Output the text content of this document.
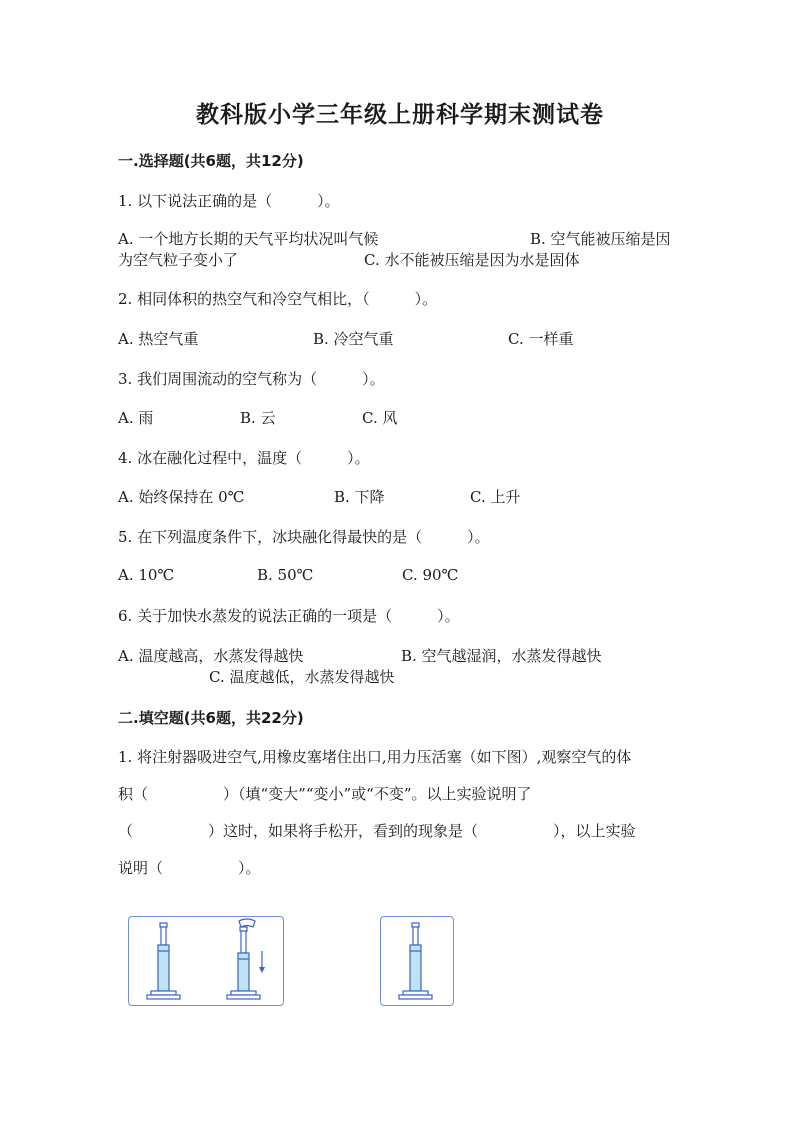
教科版小学三年级上册科学期末测试卷
一.选择题(共6题，共12分)
1. 以下说法正确的是（　　　）。
A. 一个地方长期的天气平均状况叫气候	B. 空气能被压缩是因
为空气粒子变小了	C. 水不能被压缩是因为水是固体
2. 相同体积的热空气和冷空气相比，（　　　）。
A. 热空气重	B. 冷空气重	C. 一样重
3. 我们周围流动的空气称为（　　　）。
A. 雨	B. 云	C. 风
4. 冰在融化过程中，温度（　　　）。
A. 始终保持在 0℃	B. 下降	C. 上升
5. 在下列温度条件下，冰块融化得最快的是（　　　）。
A. 10℃	B. 50℃	C. 90℃
6. 关于加快水蒸发的说法正确的一项是（　　　）。
A. 温度越高，水蒸发得越快	B. 空气越湿润，水蒸发得越快
C. 温度越低，水蒸发得越快
二.填空题(共6题，共22分)
1. 将注射器吸进空气,用橡皮塞堵住出口,用力压活塞（如下图）,观察空气的体
积（　　　　　）（填“变大”“变小”或“不变”。以上实验说明了
（　　　　　）这时，如果将手松开，看到的现象是（　　　　　），以上实验
说明（　　　　　）。
